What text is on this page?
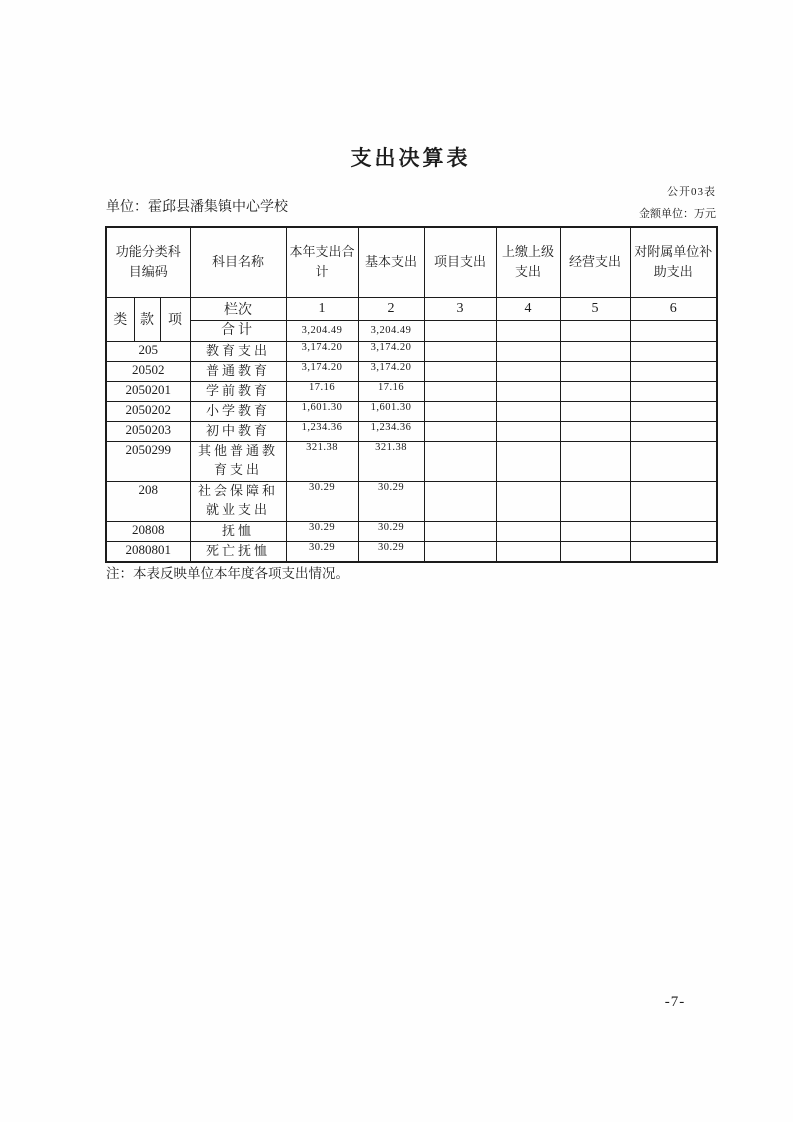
支出决算表
公开03表
单位：霍邱县潘集镇中心学校	金额单位：万元
功能分类科目编码			科目名称	本年支出合计	基本支出	项目支出	上缴上级支出	经营支出	对附属单位补助支出
类	款	项	栏次	1	2	3	4	5	6
			合计	3,204.49	3,204.49				
205			教育支出	3,174.20	3,174.20				
20502			普通教育	3,174.20	3,174.20				
2050201			学前教育	17.16	17.16				
2050202			小学教育	1,601.30	1,601.30				
2050203			初中教育	1,234.36	1,234.36				
2050299			其他普通教育支出	321.38	321.38				
208			社会保障和就业支出	30.29	30.29				
20808			抚恤	30.29	30.29				
2080801			死亡抚恤	30.29	30.29				
注：本表反映单位本年度各项支出情况。
-7-
